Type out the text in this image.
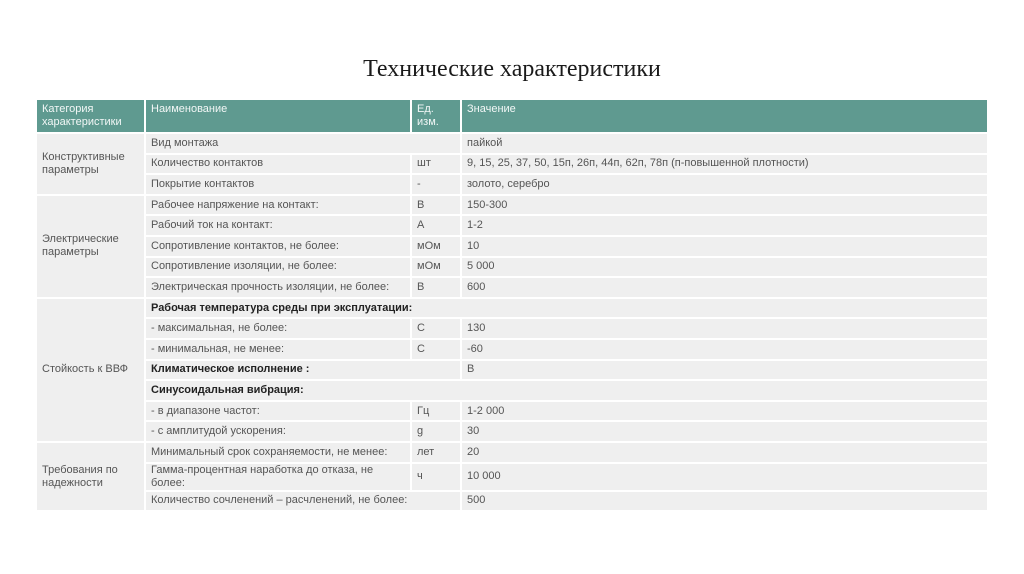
Технические характеристики
Категория характеристики	Наименование	Ед. изм.	Значение
Конструктивные параметры	Вид монтажа		пайкой
	Количество контактов	шт	9, 15, 25, 37, 50, 15п, 26п, 44п, 62п, 78п (п-повышенной плотности)
	Покрытие контактов	-	золото, серебро
Электрические параметры	Рабочее напряжение на контакт:	В	150-300
	Рабочий ток на контакт:	А	1-2
	Сопротивление контактов, не более:	мОм	10
	Сопротивление изоляции, не более:	мОм	5 000
	Электрическая прочность изоляции, не более:	В	600
Стойкость к ВВФ	Рабочая температура среды при эксплуатации:		
	- максимальная, не более:	С	130
	- минимальная, не менее:	С	-60
	Климатическое исполнение :		В
	Синусоидальная вибрация:		
	- в диапазоне частот:	Гц	1-2 000
	- с амплитудой ускорения:	g	30
Требования по надежности	Минимальный срок сохраняемости, не менее:	лет	20
	Гамма-процентная наработка до отказа, не более:	ч	10 000
	Количество сочленений – расчленений, не более:		500
